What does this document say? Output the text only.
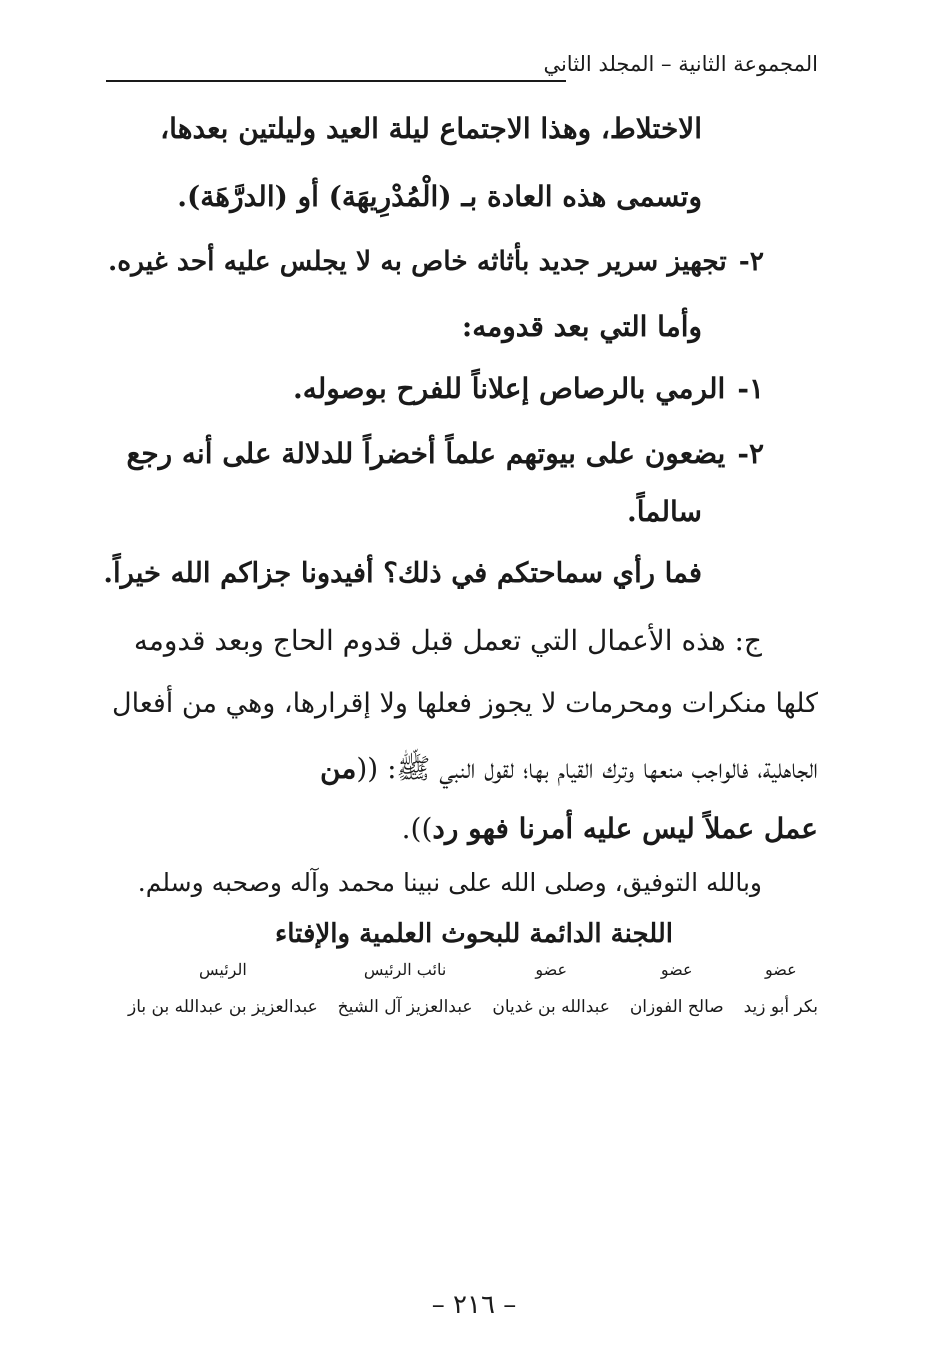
المجموعة الثانية – المجلد الثاني
الاختلاط، وهذا الاجتماع ليلة العيد وليلتين بعدها،
وتسمى هذه العادة بـ (الْمُدْرِيهَة) أو (الدرَّهَة).
٢-تجهيز سرير جديد بأثاثه خاص به لا يجلس عليه أحد غيره.
وأما التي بعد قدومه:
١-الرمي بالرصاص إعلاناً للفرح بوصوله.
٢-يضعون على بيوتهم علماً أخضراً للدلالة على أنه رجع
سالماً.
فما رأي سماحتكم في ذلك؟ أفيدونا جزاكم الله خيراً.
ج: هذه الأعمال التي تعمل قبل قدوم الحاج وبعد قدومه
كلها منكرات ومحرمات لا يجوز فعلها ولا إقرارها، وهي من أفعال
الجاهلية، فالواجب منعها وترك القيام بها؛ لقول النبي ﷺ: ((من
عمل عملاً ليس عليه أمرنا فهو رد)).
وبالله التوفيق، وصلى الله على نبينا محمد وآله وصحبه وسلم.
اللجنة الدائمة للبحوث العلمية والإفتاء
عضو
بكر أبو زيد
عضو
صالح الفوزان
عضو
عبدالله بن غديان
نائب الرئيس
عبدالعزيز آل الشيخ
الرئيس
عبدالعزيز بن عبدالله بن باز
– ٢١٦ –
